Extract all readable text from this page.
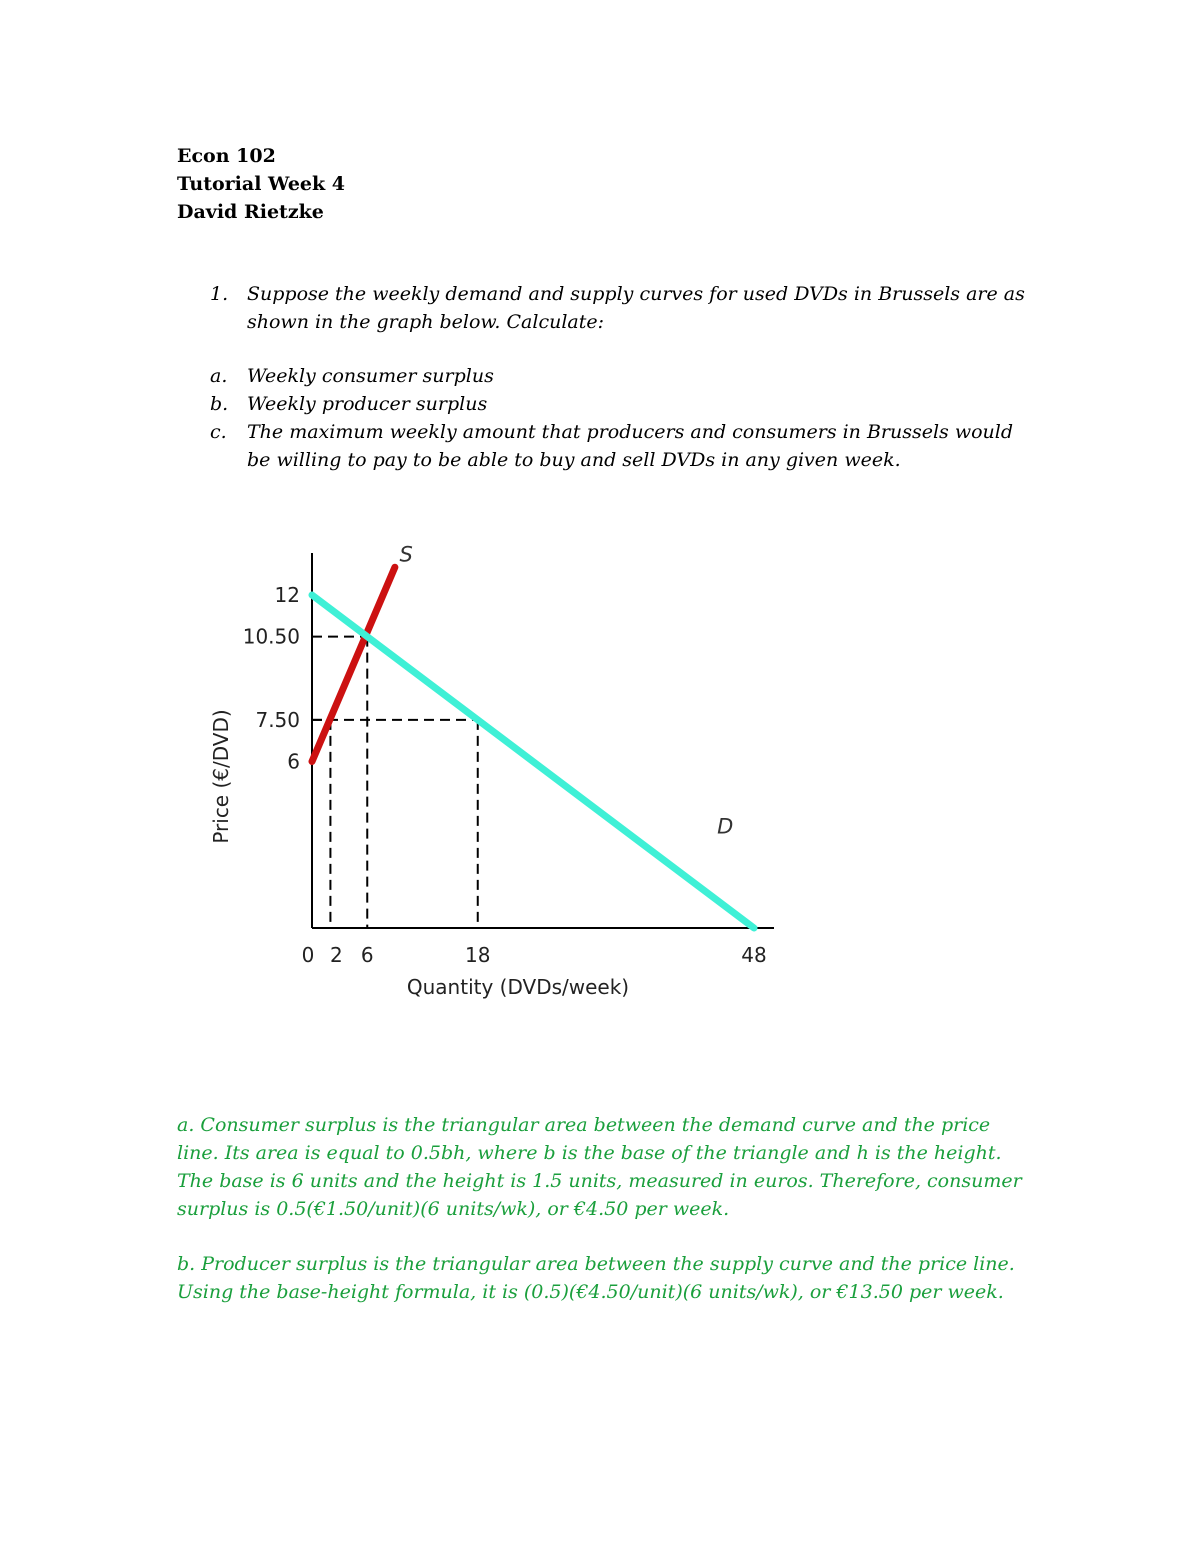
Econ 102
Tutorial Week 4
David Rietzke
1. Suppose the weekly demand and supply curves for used DVDs in Brussels are as shown in the graph below. Calculate:
a.	Weekly consumer surplus
b. Weekly producer surplus
c.	The maximum weekly amount that producers and consumers in Brussels would be willing to pay to be able to buy and sell DVDs in any given week.
S
D
12
10.50
7.50
6
0 2 6	18	48
Quantity (DVDs/week)
Price (€/DVD)

a. Consumer surplus is the triangular area between the demand curve and the price line. Its area is equal to 0.5bh, where b is the base of the triangle and h is the height. The base is 6 units and the height is 1.5 units, measured in euros. Therefore, consumer surplus is 0.5(€1.50/unit)(6 units/wk), or €4.50 per week.

b. Producer surplus is the triangular area between the supply curve and the price line. Using the base-height formula, it is (0.5)(€4.50/unit)(6 units/wk), or €13.50 per week.
